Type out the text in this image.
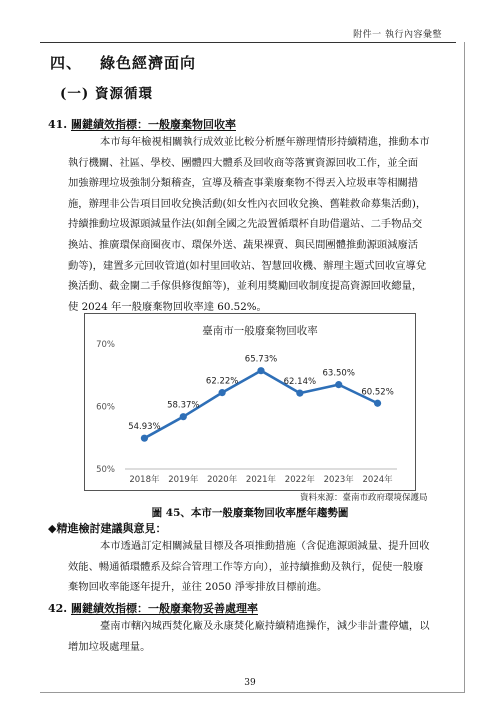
附件一 執行內容彙整
四、 綠色經濟面向
(一) 資源循環
41. 關鍵績效指標：一般廢棄物回收率
本市每年檢視相關執行成效並比較分析歷年辦理情形持續精進，推動本市
執行機關、社區、學校、團體四大體系及回收商等落實資源回收工作，並全面
加強辦理垃圾強制分類稽查，宣導及稽查事業廢棄物不得丟入垃圾車等相關措
施，辦理非公告項目回收兌換活動(如女性內衣回收兌換、舊鞋救命募集活動)，
持續推動垃圾源頭減量作法(如創全國之先設置循環杯自助借還站、二手物品交
換站、推廣環保商圈夜市、環保外送、蔬果裸賣、與民間團體推動源頭減廢活
動等)，建置多元回收管道(如村里回收站、智慧回收機、辦理主題式回收宣導兌
換活動、截金闌二手傢俱修復館等)，並利用獎勵回收制度提高資源回收總量，
使 2024 年一般廢棄物回收率達 60.52%。
臺南市一般廢棄物回收率
50%
60%
70%
2018年 2019年 2020年 2021年 2022年 2023年 2024年
54.93%
58.37%
62.22%
65.73%
62.14%
63.50%
60.52%
資料來源：臺南市政府環境保護局
圖 45、本市一般廢棄物回收率歷年趨勢圖
◆精進檢討建議與意見：
本市透過訂定相關減量目標及各項推動措施（含促進源頭減量、提升回收
效能、暢通循環體系及綜合管理工作等方向），並持續推動及執行，促使一般廢
棄物回收率能逐年提升，並往 2050 淨零排放目標前進。
42. 關鍵績效指標：一般廢棄物妥善處理率
臺南市轄內城西焚化廠及永康焚化廠持續精進操作，減少非計畫停爐，以
增加垃圾處理量。
39
